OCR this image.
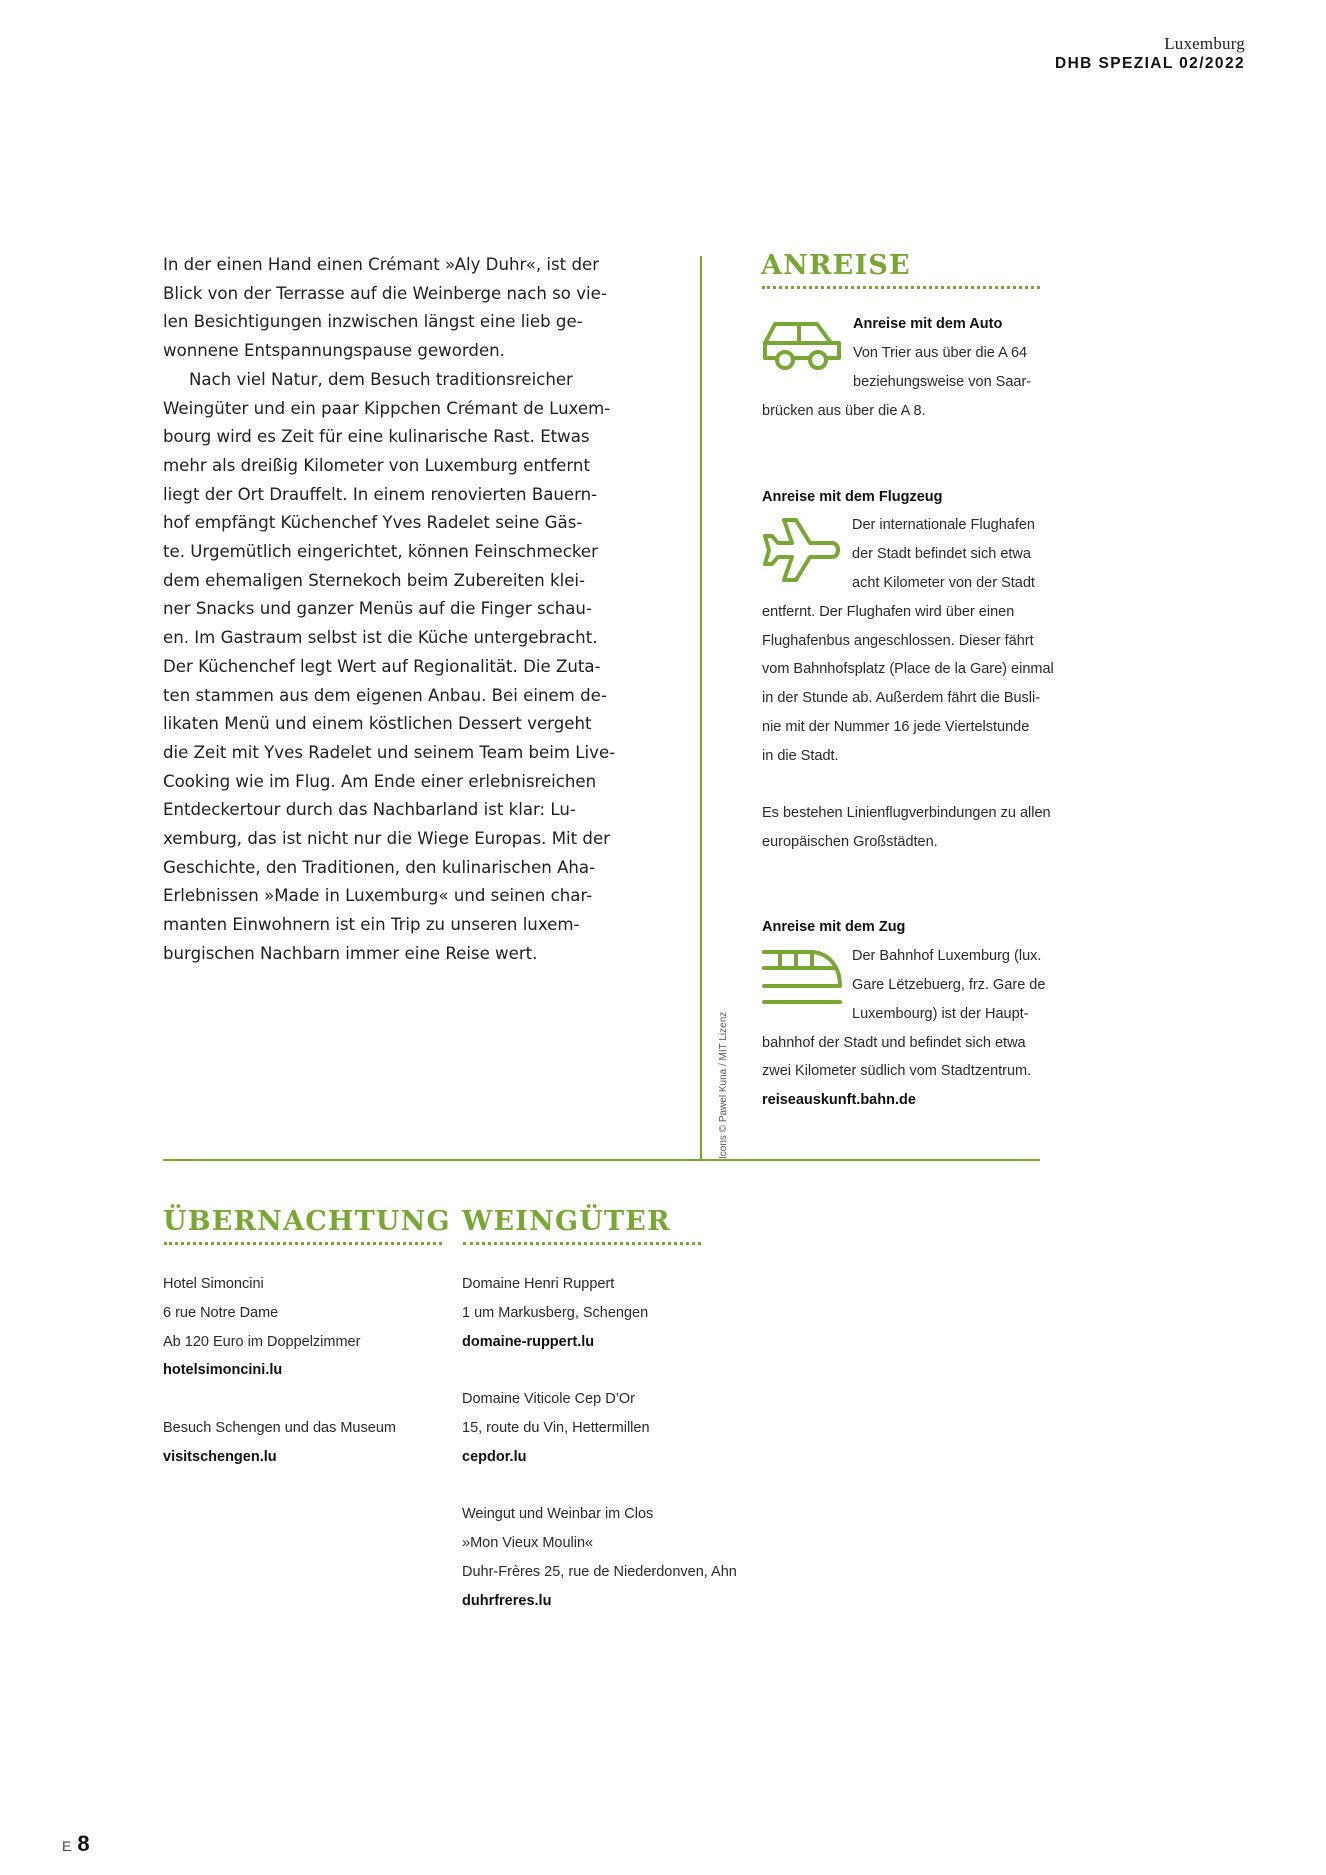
Luxemburg
DHB SPEZIAL 02/2022
In der einen Hand einen Crémant »Aly Duhr«, ist der
Blick von der Terrasse auf die Weinberge nach so vie-
len Besichtigungen inzwischen längst eine lieb ge-
wonnene Entspannungspause geworden.
Nach viel Natur, dem Besuch traditionsreicher
Weingüter und ein paar Kippchen Crémant de Luxem-
bourg wird es Zeit für eine kulinarische Rast. Etwas
mehr als dreißig Kilometer von Luxemburg entfernt
liegt der Ort Drauffelt. In einem renovierten Bauern-
hof empfängt Küchenchef Yves Radelet seine Gäs-
te. Urgemütlich eingerichtet, können Feinschmecker
dem ehemaligen Sternekoch beim Zubereiten klei-
ner Snacks und ganzer Menüs auf die Finger schau-
en. Im Gastraum selbst ist die Küche untergebracht.
Der Küchenchef legt Wert auf Regionalität. Die Zuta-
ten stammen aus dem eigenen Anbau. Bei einem de-
likaten Menü und einem köstlichen Dessert vergeht
die Zeit mit Yves Radelet und seinem Team beim Live-
Cooking wie im Flug. Am Ende einer erlebnisreichen
Entdeckertour durch das Nachbarland ist klar: Lu-
xemburg, das ist nicht nur die Wiege Europas. Mit der
Geschichte, den Traditionen, den kulinarischen Aha-
Erlebnissen »Made in Luxemburg« und seinen char-
manten Einwohnern ist ein Trip zu unseren luxem-
burgischen Nachbarn immer eine Reise wert.
Icons © Pawel Kuna / MIT Lizenz
ANREISE
Anreise mit dem Auto
Von Trier aus über die A 64
beziehungsweise von Saar-
brücken aus über die A 8.
Anreise mit dem Flugzeug
Der internationale Flughafen
der Stadt befindet sich etwa
acht Kilometer von der Stadt
entfernt. Der Flughafen wird über einen
Flughafenbus angeschlossen. Dieser fährt
vom Bahnhofsplatz (Place de la Gare) einmal
in der Stunde ab. Außerdem fährt die Busli-
nie mit der Nummer 16 jede Viertelstunde
in die Stadt.
Es bestehen Linienflugverbindungen zu allen
europäischen Großstädten.
Anreise mit dem Zug
Der Bahnhof Luxemburg (lux.
Gare Lëtzebuerg, frz. Gare de
Luxembourg) ist der Haupt-
bahnhof der Stadt und befindet sich etwa
zwei Kilometer südlich vom Stadtzentrum.
reiseauskunft.bahn.de
ÜBERNACHTUNG
Hotel Simoncini
6 rue Notre Dame
Ab 120 Euro im Doppelzimmer
hotelsimoncini.lu
Besuch Schengen und das Museum
visitschengen.lu
WEINGÜTER
Domaine Henri Ruppert
1 um Markusberg, Schengen
domaine-ruppert.lu
Domaine Viticole Cep D’Or
15, route du Vin, Hettermillen
cepdor.lu
Weingut und Weinbar im Clos
»Mon Vieux Moulin«
Duhr-Frères 25, rue de Niederdonven, Ahn
duhrfreres.lu
E 8
